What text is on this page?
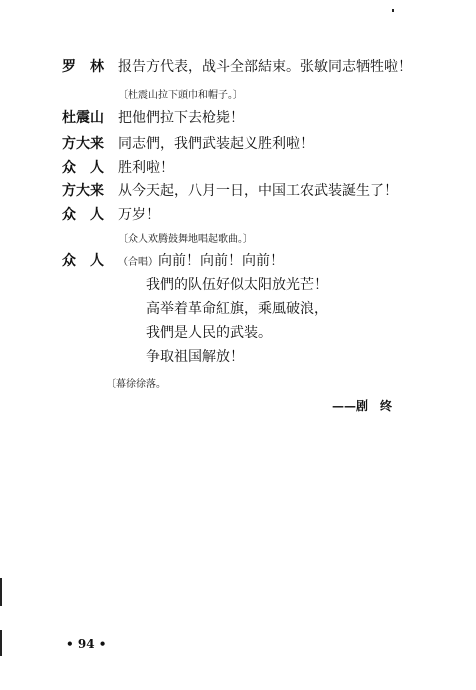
罗　林	报告方代表，战斗全部結束。张敏同志牺牲啦！
〔杜震山拉下頭巾和帽子。〕
杜震山	把他們拉下去枪毙！
方大来	同志們，我們武装起义胜利啦！
众　人	胜利啦！
方大来	从今天起，八月一日，中国工农武装誕生了！
众　人	万岁！
〔众人欢腾鼓舞地唱起歌曲。〕
众　人	（合唱）向前！向前！向前！
我們的队伍好似太阳放光芒！
高举着革命紅旗，乘風破浪，
我們是人民的武装。
争取祖国解放！
〔幕徐徐落。
——剧　终
• 94 •
